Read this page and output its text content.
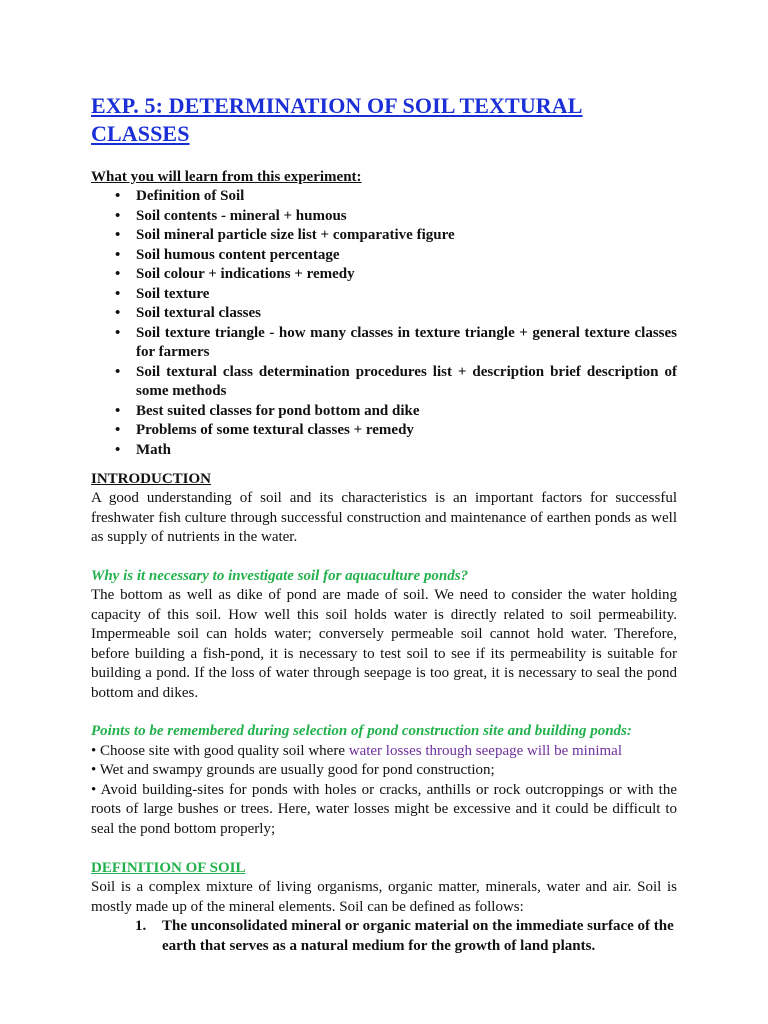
EXP. 5: DETERMINATION OF SOIL TEXTURAL CLASSES

What you will learn from this experiment:

• Definition of Soil
• Soil contents - mineral + humous
• Soil mineral particle size list + comparative figure
• Soil humous content percentage
• Soil colour + indications + remedy
• Soil texture
• Soil textural classes
• Soil texture triangle - how many classes in texture triangle + general texture classes for farmers
• Soil textural class determination procedures list + description brief description of some methods
• Best suited classes for pond bottom and dike
• Problems of some textural classes + remedy
• Math

INTRODUCTION

A good understanding of soil and its characteristics is an important factors for successful freshwater fish culture through successful construction and maintenance of earthen ponds as well as supply of nutrients in the water.

Why is it necessary to investigate soil for aquaculture ponds?

The bottom as well as dike of pond are made of soil. We need to consider the water holding capacity of this soil. How well this soil holds water is directly related to soil permeability. Impermeable soil can holds water; conversely permeable soil cannot hold water. Therefore, before building a fish-pond, it is necessary to test soil to see if its permeability is suitable for building a pond. If the loss of water through seepage is too great, it is necessary to seal the pond bottom and dikes.

Points to be remembered during selection of pond construction site and building ponds:

• Choose site with good quality soil where water losses through seepage will be minimal

• Wet and swampy grounds are usually good for pond construction;

• Avoid building-sites for ponds with holes or cracks, anthills or rock outcroppings or with the roots of large bushes or trees. Here, water losses might be excessive and it could be difficult to seal the pond bottom properly;

DEFINITION OF SOIL

Soil is a complex mixture of living organisms, organic matter, minerals, water and air. Soil is mostly made up of the mineral elements. Soil can be defined as follows:

1.	The unconsolidated mineral or organic material on the immediate surface of the earth that serves as a natural medium for the growth of land plants.
